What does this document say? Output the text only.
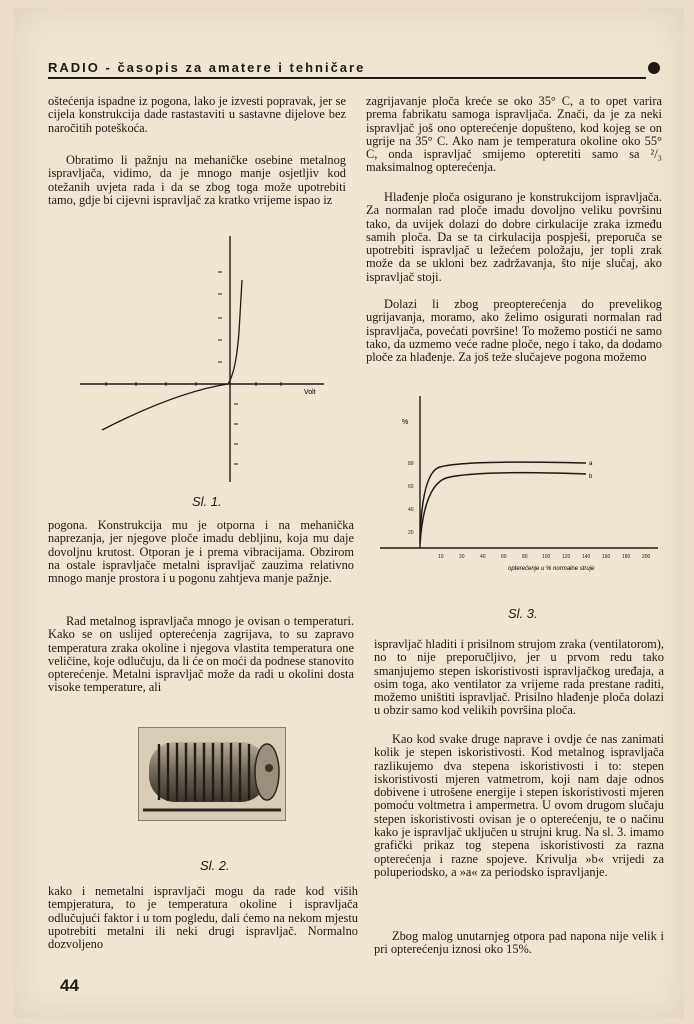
RADIO - časopis za amatere i tehničare

oštećenja ispadne iz pogona, lako je izvesti popravak, jer se cijela konstrukcija dade rastastaviti u sastavne dijelove bez naročitih poteškoća.

Obratimo li pažnju na mehaničke osebine metalnog ispravljača, vidimo, da je mnogo manje osjetljiv kod otežanih uvjeta rada i da se zbog toga može upotrebiti tamo, gdje bi cijevni ispravljač za kratko vrijeme ispao iz

Volt
Sl. 1.

pogona. Konstrukcija mu je otporna i na mehanička naprezanja, jer njegove ploče imadu debljinu, koja mu daje dovoljnu krutost. Otporan je i prema vibracijama. Obzirom na ostale ispravljače metalni ispravljač zauzima relativno mnogo manje prostora i u pogonu zahtjeva manje pažnje.

Rad metalnog ispravljača mnogo je ovisan o temperaturi. Kako se on uslijed opterećenja zagrijava, to su zapravo temperatura zraka okoline i njegova vlastita temperatura one veličine, koje odlučuju, da li će on moći da podnese stanovito opterećenje. Metalni ispravljač može da radi u okolini dosta visoke temperature, ali

Sl. 2.

kako i nemetalni ispravljači mogu da rade kod viših tempjeratura, to je temperatura okoline i ispravljača odlučujući faktor i u tom pogledu, dali ćemo na nekom mjestu upotrebiti metalni ili neki drugi ispravljač. Normalno dozvoljeno

44

zagrijavanje ploča kreće se oko 35° C, a to opet varira prema fabrikatu samoga ispravljača. Znači, da je za neki ispravljač još ono opterećenje dopušteno, kod kojeg se on ugrije na 35° C. Ako nam je temperatura okoline oko 55° C, onda ispravljač smijemo opteretiti samo sa ²/₃ maksimalnog opterećenja.

Hlađenje ploča osigurano je konstrukcijom ispravljača. Za normalan rad ploče imadu dovoljno veliku površinu tako, da uvijek dolazi do dobre cirkulacije zraka između samih ploča. Da se ta cirkulacija pospješi, preporuča se upotrebiti ispravljač u ležećem položaju, jer topli zrak može da se ukloni bez zadržavanja, što nije slučaj, ako ispravljač stoji.

Dolazi li zbog preopterećenja do prevelikog ugrijavanja, moramo, ako želimo osigurati normalan rad ispravljača, povećati površine! To možemo postići ne samo tako, da uzmemo veće radne ploče, nego i tako, da dodamo ploče za hlađenje. Za još teže slučajeve pogona možemo

%
80
60
40
20
10	20	40	60	80	100 120 140 160 180 200
a
b
opterećenje u % normalne struje
Sl. 3.

ispravljač hladiti i prisilnom strujom zraka (ventilatorom), no to nije preporučljivo, jer u prvom redu tako smanjujemo stepen iskoristivosti ispravljačkog uređaja, a osim toga, ako ventilator za vrijeme rada prestane raditi, možemo uništiti ispravljač. Prisilno hlađenje ploča dolazi u obzir samo kod velikih površina ploča.

Kao kod svake druge naprave i ovdje će nas zanimati kolik je stepen iskoristivosti. Kod metalnog ispravljača razlikujemo dva stepena iskoristivosti i to: stepen iskoristivosti mjeren vatmetrom, koji nam daje odnos dobivene i utrošene energije i stepen iskoristivosti mjeren pomoću voltmetra i ampermetra. U ovom drugom slučaju stepen iskoristivosti ovisan je o opterećenju, te o načinu kako je ispravljač uključen u strujni krug. Na sl. 3. imamo grafički prikaz tog stepena iskoristivosti za razna opterećenja i razne spojeve. Krivulja »b« vrijedi za poluperiodsko, a »a« za periodsko ispravljanje.

Zbog malog unutarnjeg otpora pad napona nije velik i pri opterećenju iznosi oko 15%.
